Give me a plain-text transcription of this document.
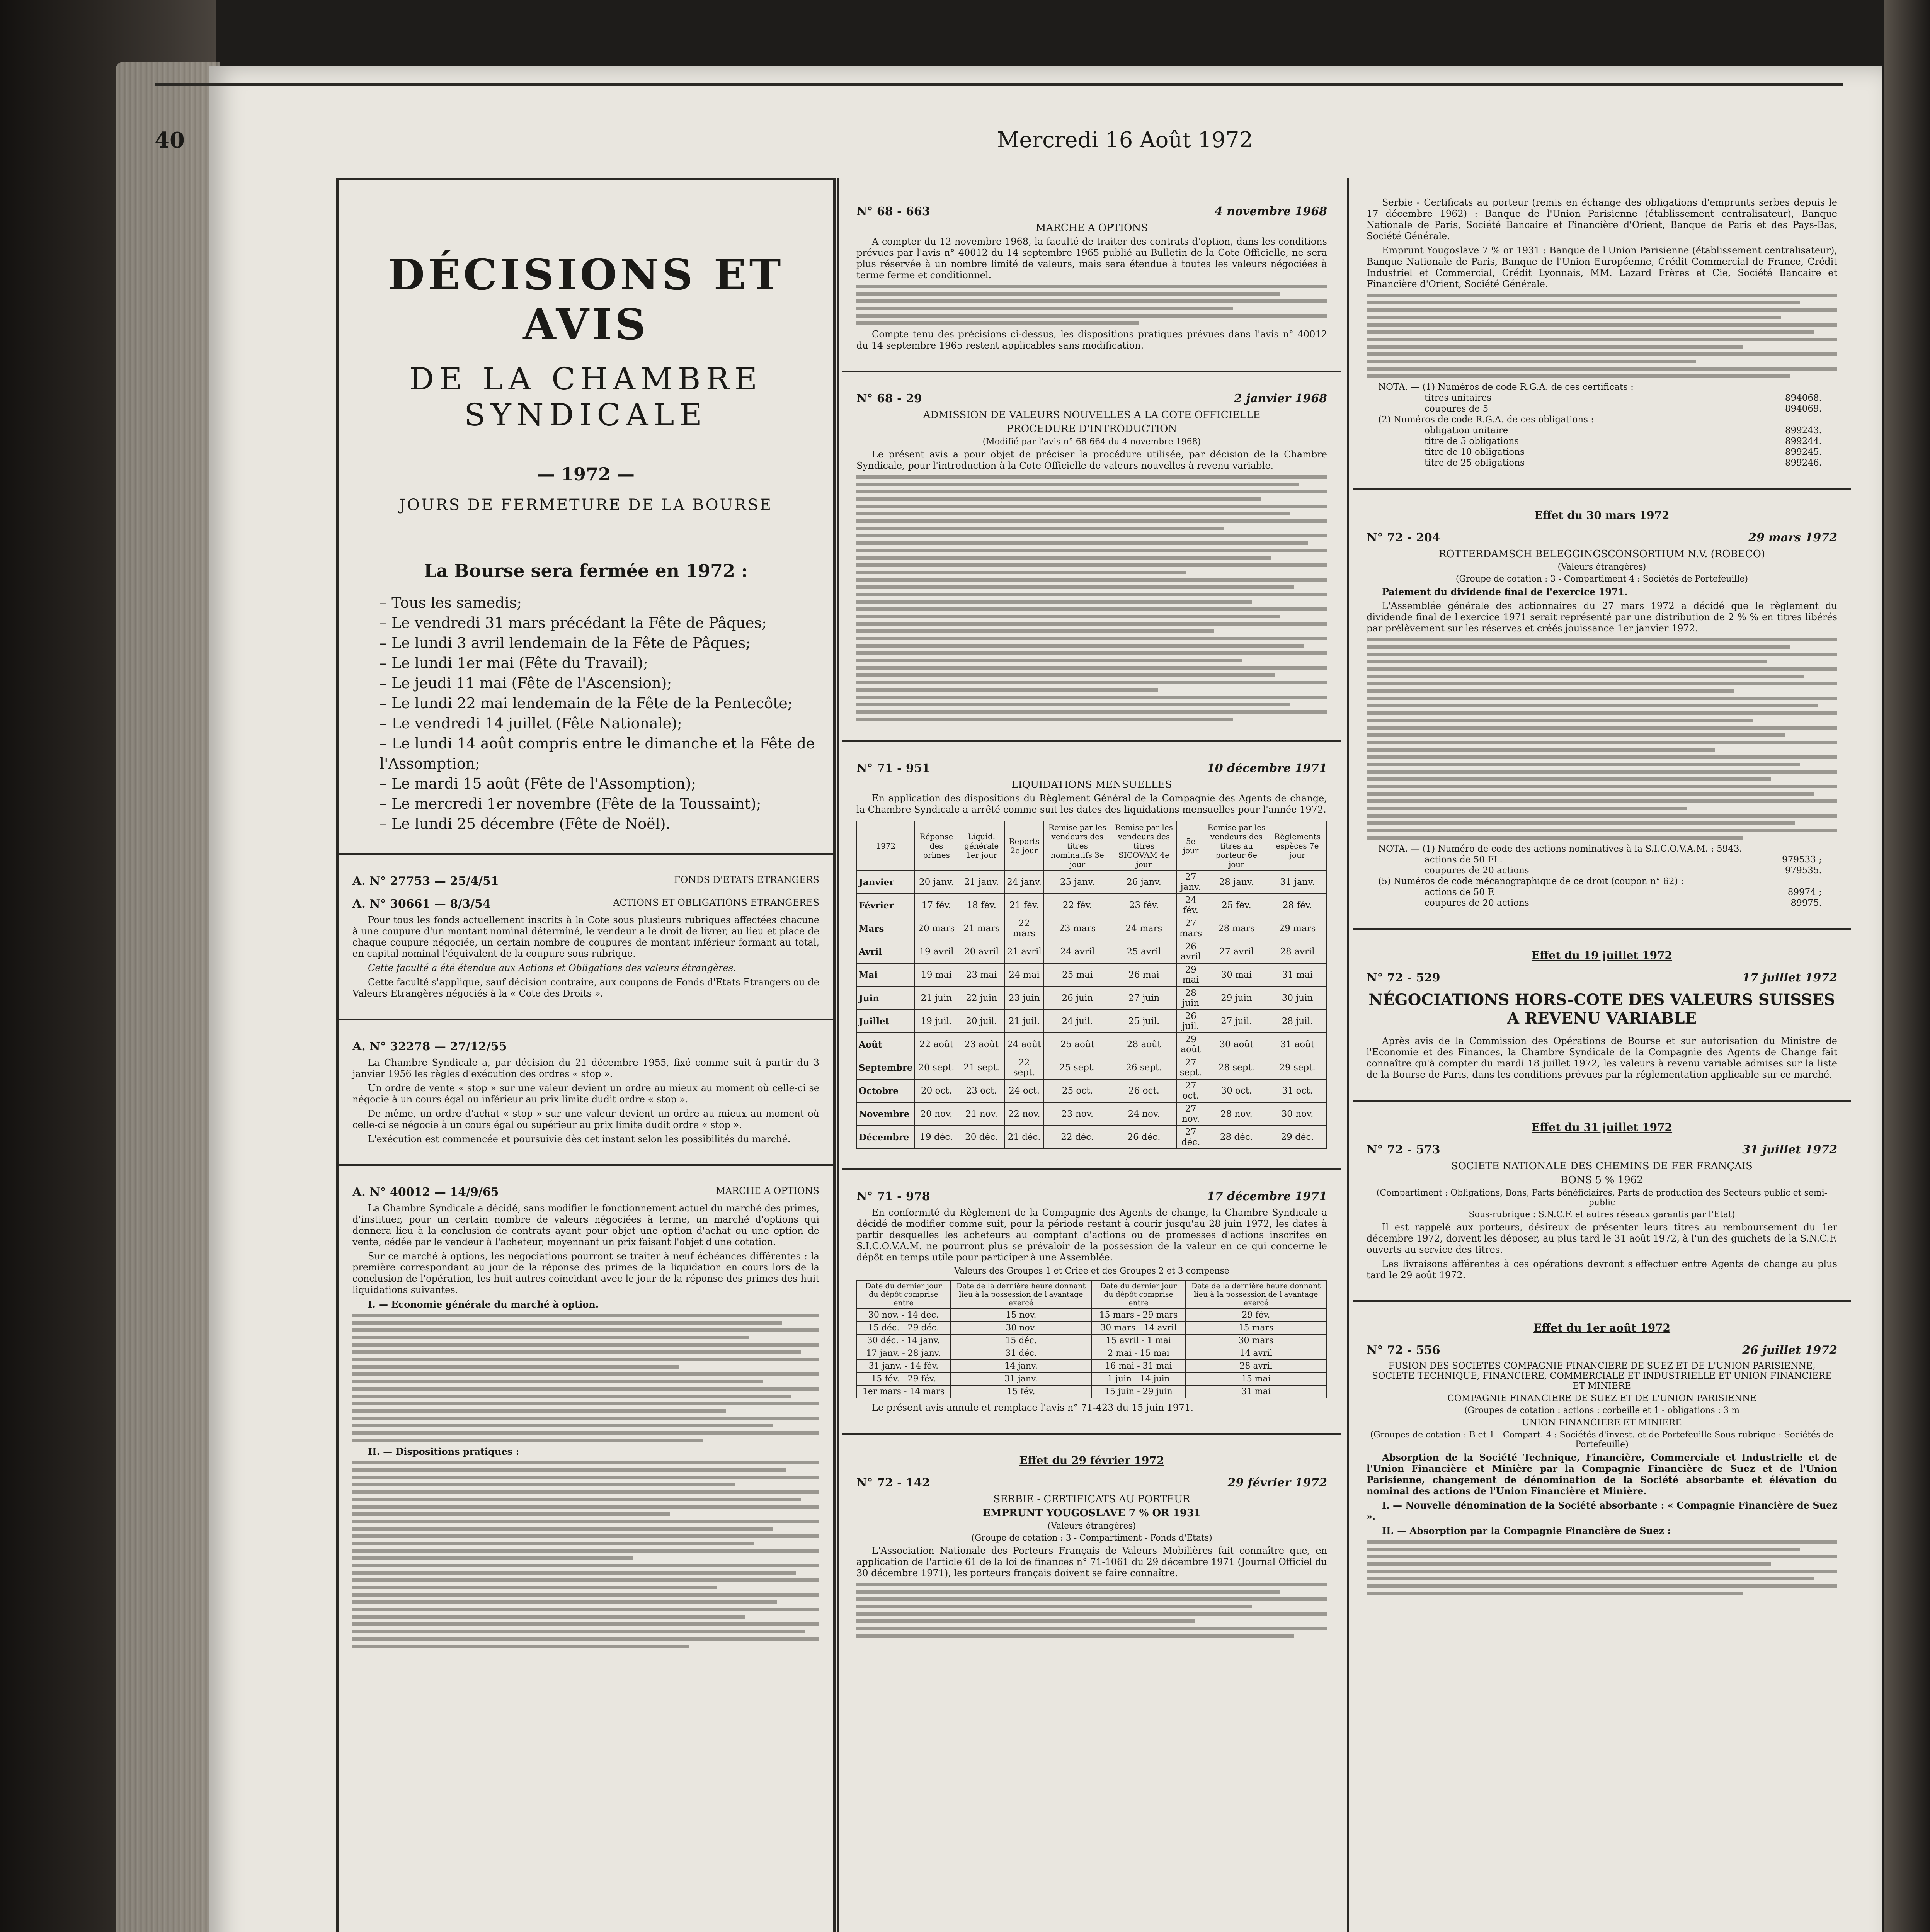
40	Mercredi 16 Août 1972
DÉCISIONS ET AVIS
DE LA CHAMBRE SYNDICALE
— 1972 —
JOURS DE FERMETURE DE LA BOURSE
La Bourse sera fermée en 1972 :
– Tous les samedis;
– Le vendredi 31 mars précédant la Fête de Pâques;
– Le lundi 3 avril lendemain de la Fête de Pâques;
– Le lundi 1er mai (Fête du Travail);
– Le jeudi 11 mai (Fête de l'Ascension);
– Le lundi 22 mai lendemain de la Fête de la Pentecôte;
– Le vendredi 14 juillet (Fête Nationale);
– Le lundi 14 août compris entre le dimanche et la Fête de l'Assomption;
– Le mardi 15 août (Fête de l'Assomption);
– Le mercredi 1er novembre (Fête de la Toussaint);
– Le lundi 25 décembre (Fête de Noël).
A. N° 27753 — 25/4/51	FONDS D'ETATS ETRANGERS
A. N° 30661 — 8/3/54	ACTIONS ET OBLIGATIONS ETRANGERES

Pour tous les fonds actuellement inscrits à la Cote sous plusieurs rubriques affectées chacune à une coupure d'un montant nominal déterminé, le vendeur a le droit de livrer, au lieu et place de chaque coupure négociée, un certain nombre de coupures de montant inférieur formant au total, en capital nominal l'équivalent de la coupure sous rubrique.

Cette faculté a été étendue aux Actions et Obligations des valeurs étrangères.

Cette faculté s'applique, sauf décision contraire, aux coupons de Fonds d'Etats Etrangers ou de Valeurs Etrangères négociés à la « Cote des Droits ».

A. N° 32278 — 27/12/55

La Chambre Syndicale a, par décision du 21 décembre 1955, fixé comme suit à partir du 3 janvier 1956 les règles d'exécution des ordres « stop ».

Un ordre de vente « stop » sur une valeur devient un ordre au mieux au moment où celle-ci se négocie à un cours égal ou inférieur au prix limite dudit ordre « stop ».

De même, un ordre d'achat « stop » sur une valeur devient un ordre au mieux au moment où celle-ci se négocie à un cours égal ou supérieur au prix limite dudit ordre « stop ».

L'exécution est commencée et poursuivie dès cet instant selon les possibilités du marché.

A. N° 40012 — 14/9/65	MARCHE A OPTIONS

La Chambre Syndicale a décidé, sans modifier le fonctionnement actuel du marché des primes, d'instituer, pour un certain nombre de valeurs négociées à terme, un marché d'options qui donnera lieu à la conclusion de contrats ayant pour objet une option d'achat ou une option de vente, cédée par le vendeur à l'acheteur, moyennant un prix faisant l'objet d'une cotation.

Sur ce marché à options, les négociations pourront se traiter à neuf échéances différentes : la première correspondant au jour de la réponse des primes de la liquidation en cours lors de la conclusion de l'opération, les huit autres coïncidant avec le jour de la réponse des primes des huit liquidations suivantes.

I. — Economie générale du marché à option.

II. — Dispositions pratiques :

N° 68 - 663	4 novembre 1968
MARCHE A OPTIONS

A compter du 12 novembre 1968, la faculté de traiter des contrats d'option, dans les conditions prévues par l'avis n° 40012 du 14 septembre 1965 publié au Bulletin de la Cote Officielle, ne sera plus réservée à un nombre limité de valeurs, mais sera étendue à toutes les valeurs négociées à terme ferme et conditionnel.

Compte tenu des précisions ci-dessus, les dispositions pratiques prévues dans l'avis n° 40012 du 14 septembre 1965 restent applicables sans modification.

N° 68 - 29	2 janvier 1968
ADMISSION DE VALEURS NOUVELLES A LA COTE OFFICIELLE
PROCEDURE D'INTRODUCTION
(Modifié par l'avis n° 68-664 du 4 novembre 1968)

Le présent avis a pour objet de préciser la procédure utilisée, par décision de la Chambre Syndicale, pour l'introduction à la Cote Officielle de valeurs nouvelles à revenu variable.

N° 71 - 951	10 décembre 1971
LIQUIDATIONS MENSUELLES

En application des dispositions du Règlement Général de la Compagnie des Agents de change, la Chambre Syndicale a arrêté comme suit les dates des liquidations mensuelles pour l'année 1972.

1972	Réponse des primes	Liquid. générale 1er jour	Reports 2e jour	Remise par les vendeurs des titres nominatifs 3e jour	Remise par les vendeurs des titres SICOVAM 4e jour	5e jour	Remise par les vendeurs des titres au porteur 6e jour	Règlements espèces 7e jour
Janvier	20 janv.	21 janv.	24 janv.	25 janv.	26 janv.	27 janv.	28 janv.	31 janv.
Février	17 fév.	18 fév.	21 fév.	22 fév.	23 fév.	24 fév.	25 fév.	28 fév.
Mars	20 mars	21 mars	22 mars	23 mars	24 mars	27 mars	28 mars	29 mars
Avril	19 avril	20 avril	21 avril	24 avril	25 avril	26 avril	27 avril	28 avril
Mai	19 mai	23 mai	24 mai	25 mai	26 mai	29 mai	30 mai	31 mai
Juin	21 juin	22 juin	23 juin	26 juin	27 juin	28 juin	29 juin	30 juin
Juillet	19 juil.	20 juil.	21 juil.	24 juil.	25 juil.	26 juil.	27 juil.	28 juil.
Août	22 août	23 août	24 août	25 août	28 août	29 août	30 août	31 août
Septembre	20 sept.	21 sept.	22 sept.	25 sept.	26 sept.	27 sept.	28 sept.	29 sept.
Octobre	20 oct.	23 oct.	24 oct.	25 oct.	26 oct.	27 oct.	30 oct.	31 oct.
Novembre	20 nov.	21 nov.	22 nov.	23 nov.	24 nov.	27 nov.	28 nov.	30 nov.
Décembre	19 déc.	20 déc.	21 déc.	22 déc.	26 déc.	27 déc.	28 déc.	29 déc.
N° 71 - 978	17 décembre 1971

En conformité du Règlement de la Compagnie des Agents de change, la Chambre Syndicale a décidé de modifier comme suit, pour la période restant à courir jusqu'au 28 juin 1972, les dates à partir desquelles les acheteurs au comptant d'actions ou de promesses d'actions inscrites en S.I.C.O.V.A.M. ne pourront plus se prévaloir de la possession de la valeur en ce qui concerne le dépôt en temps utile pour participer à une Assemblée.

Valeurs des Groupes 1 et Criée et des Groupes 2 et 3 compensé
Date du dernier jour du dépôt comprise entre	Date de la dernière heure donnant lieu à la possession de l'avantage exercé	Date du dernier jour du dépôt comprise entre	Date de la dernière heure donnant lieu à la possession de l'avantage exercé
30 nov. - 14 déc.	15 nov.	15 mars - 29 mars	29 fév.
15 déc. - 29 déc.	30 nov.	30 mars - 14 avril	15 mars
30 déc. - 14 janv.	15 déc.	15 avril - 1 mai	30 mars
17 janv. - 28 janv.	31 déc.	2 mai - 15 mai	14 avril
31 janv. - 14 fév.	14 janv.	16 mai - 31 mai	28 avril
15 fév. - 29 fév.	31 janv.	1 juin - 14 juin	15 mai
1er mars - 14 mars	15 fév.	15 juin - 29 juin	31 mai

Le présent avis annule et remplace l'avis n° 71-423 du 15 juin 1971.

Effet du 29 février 1972
N° 72 - 142	29 février 1972
SERBIE - CERTIFICATS AU PORTEUR
EMPRUNT YOUGOSLAVE 7 % OR 1931
(Valeurs étrangères)
(Groupe de cotation : 3 - Compartiment - Fonds d'Etats)

L'Association Nationale des Porteurs Français de Valeurs Mobilières fait connaître que, en application de l'article 61 de la loi de finances n° 71-1061 du 29 décembre 1971 (Journal Officiel du 30 décembre 1971), les porteurs français doivent se faire connaître.

Serbie - Certificats au porteur (remis en échange des obligations d'emprunts serbes depuis le 17 décembre 1962) : Banque de l'Union Parisienne (établissement centralisateur), Banque Nationale de Paris, Société Bancaire et Financière d'Orient, Banque de Paris et des Pays-Bas, Société Générale.

Emprunt Yougoslave 7 % or 1931 : Banque de l'Union Parisienne (établissement centralisateur), Banque Nationale de Paris, Banque de l'Union Européenne, Crédit Commercial de France, Crédit Industriel et Commercial, Crédit Lyonnais, MM. Lazard Frères et Cie, Société Bancaire et Financière d'Orient, Société Générale.

NOTA. — (1) Numéros de code R.G.A. de ces certificats :
titres unitaires	894068.
coupures de 5	894069.
(2) Numéros de code R.G.A. de ces obligations :
obligation unitaire	899243.
titre de 5 obligations	899244.
titre de 10 obligations	899245.
titre de 25 obligations	899246.
Effet du 30 mars 1972
N° 72 - 204	29 mars 1972
ROTTERDAMSCH BELEGGINGSCONSORTIUM N.V. (ROBECO)
(Valeurs étrangères)
(Groupe de cotation : 3 - Compartiment 4 : Sociétés de Portefeuille)

Paiement du dividende final de l'exercice 1971.

L'Assemblée générale des actionnaires du 27 mars 1972 a décidé que le règlement du dividende final de l'exercice 1971 serait représenté par une distribution de 2 % % en titres libérés par prélèvement sur les réserves et créés jouissance 1er janvier 1972.

NOTA. — (1) Numéro de code des actions nominatives à la S.I.C.O.V.A.M. : 5943.
actions de 50 FL.	979533 ;
coupures de 20 actions	979535.
(5) Numéros de code mécanographique de ce droit (coupon n° 62) :
actions de 50 F.	89974 ;
coupures de 20 actions	89975.
Effet du 19 juillet 1972
N° 72 - 529	17 juillet 1972
NÉGOCIATIONS HORS-COTE DES VALEURS SUISSES A REVENU VARIABLE

Après avis de la Commission des Opérations de Bourse et sur autorisation du Ministre de l'Economie et des Finances, la Chambre Syndicale de la Compagnie des Agents de Change fait connaître qu'à compter du mardi 18 juillet 1972, les valeurs à revenu variable admises sur la liste de la Bourse de Paris, dans les conditions prévues par la réglementation applicable sur ce marché.

Effet du 31 juillet 1972
N° 72 - 573	31 juillet 1972
SOCIETE NATIONALE DES CHEMINS DE FER FRANÇAIS
BONS 5 % 1962
(Compartiment : Obligations, Bons, Parts bénéficiaires, Parts de production des Secteurs public et semi-public
Sous-rubrique : S.N.C.F. et autres réseaux garantis par l'Etat)

Il est rappelé aux porteurs, désireux de présenter leurs titres au remboursement du 1er décembre 1972, doivent les déposer, au plus tard le 31 août 1972, à l'un des guichets de la S.N.C.F. ouverts au service des titres.

Les livraisons afférentes à ces opérations devront s'effectuer entre Agents de change au plus tard le 29 août 1972.

Effet du 1er août 1972
N° 72 - 556	26 juillet 1972
FUSION DES SOCIETES COMPAGNIE FINANCIERE DE SUEZ ET DE L'UNION PARISIENNE, SOCIETE TECHNIQUE, FINANCIERE, COMMERCIALE ET INDUSTRIELLE ET UNION FINANCIERE ET MINIERE
COMPAGNIE FINANCIERE DE SUEZ ET DE L'UNION PARISIENNE
(Groupes de cotation : actions : corbeille et 1 - obligations : 3 m
UNION FINANCIERE ET MINIERE
(Groupes de cotation : B et 1 - Compart. 4 : Sociétés d'invest. et de Portefeuille Sous-rubrique : Sociétés de Portefeuille)

Absorption de la Société Technique, Financière, Commerciale et Industrielle et de l'Union Financière et Minière par la Compagnie Financière de Suez et de l'Union Parisienne, changement de dénomination de la Société absorbante et élévation du nominal des actions de l'Union Financière et Minière.

I. — Nouvelle dénomination de la Société absorbante : « Compagnie Financière de Suez ».

II. — Absorption par la Compagnie Financière de Suez :
